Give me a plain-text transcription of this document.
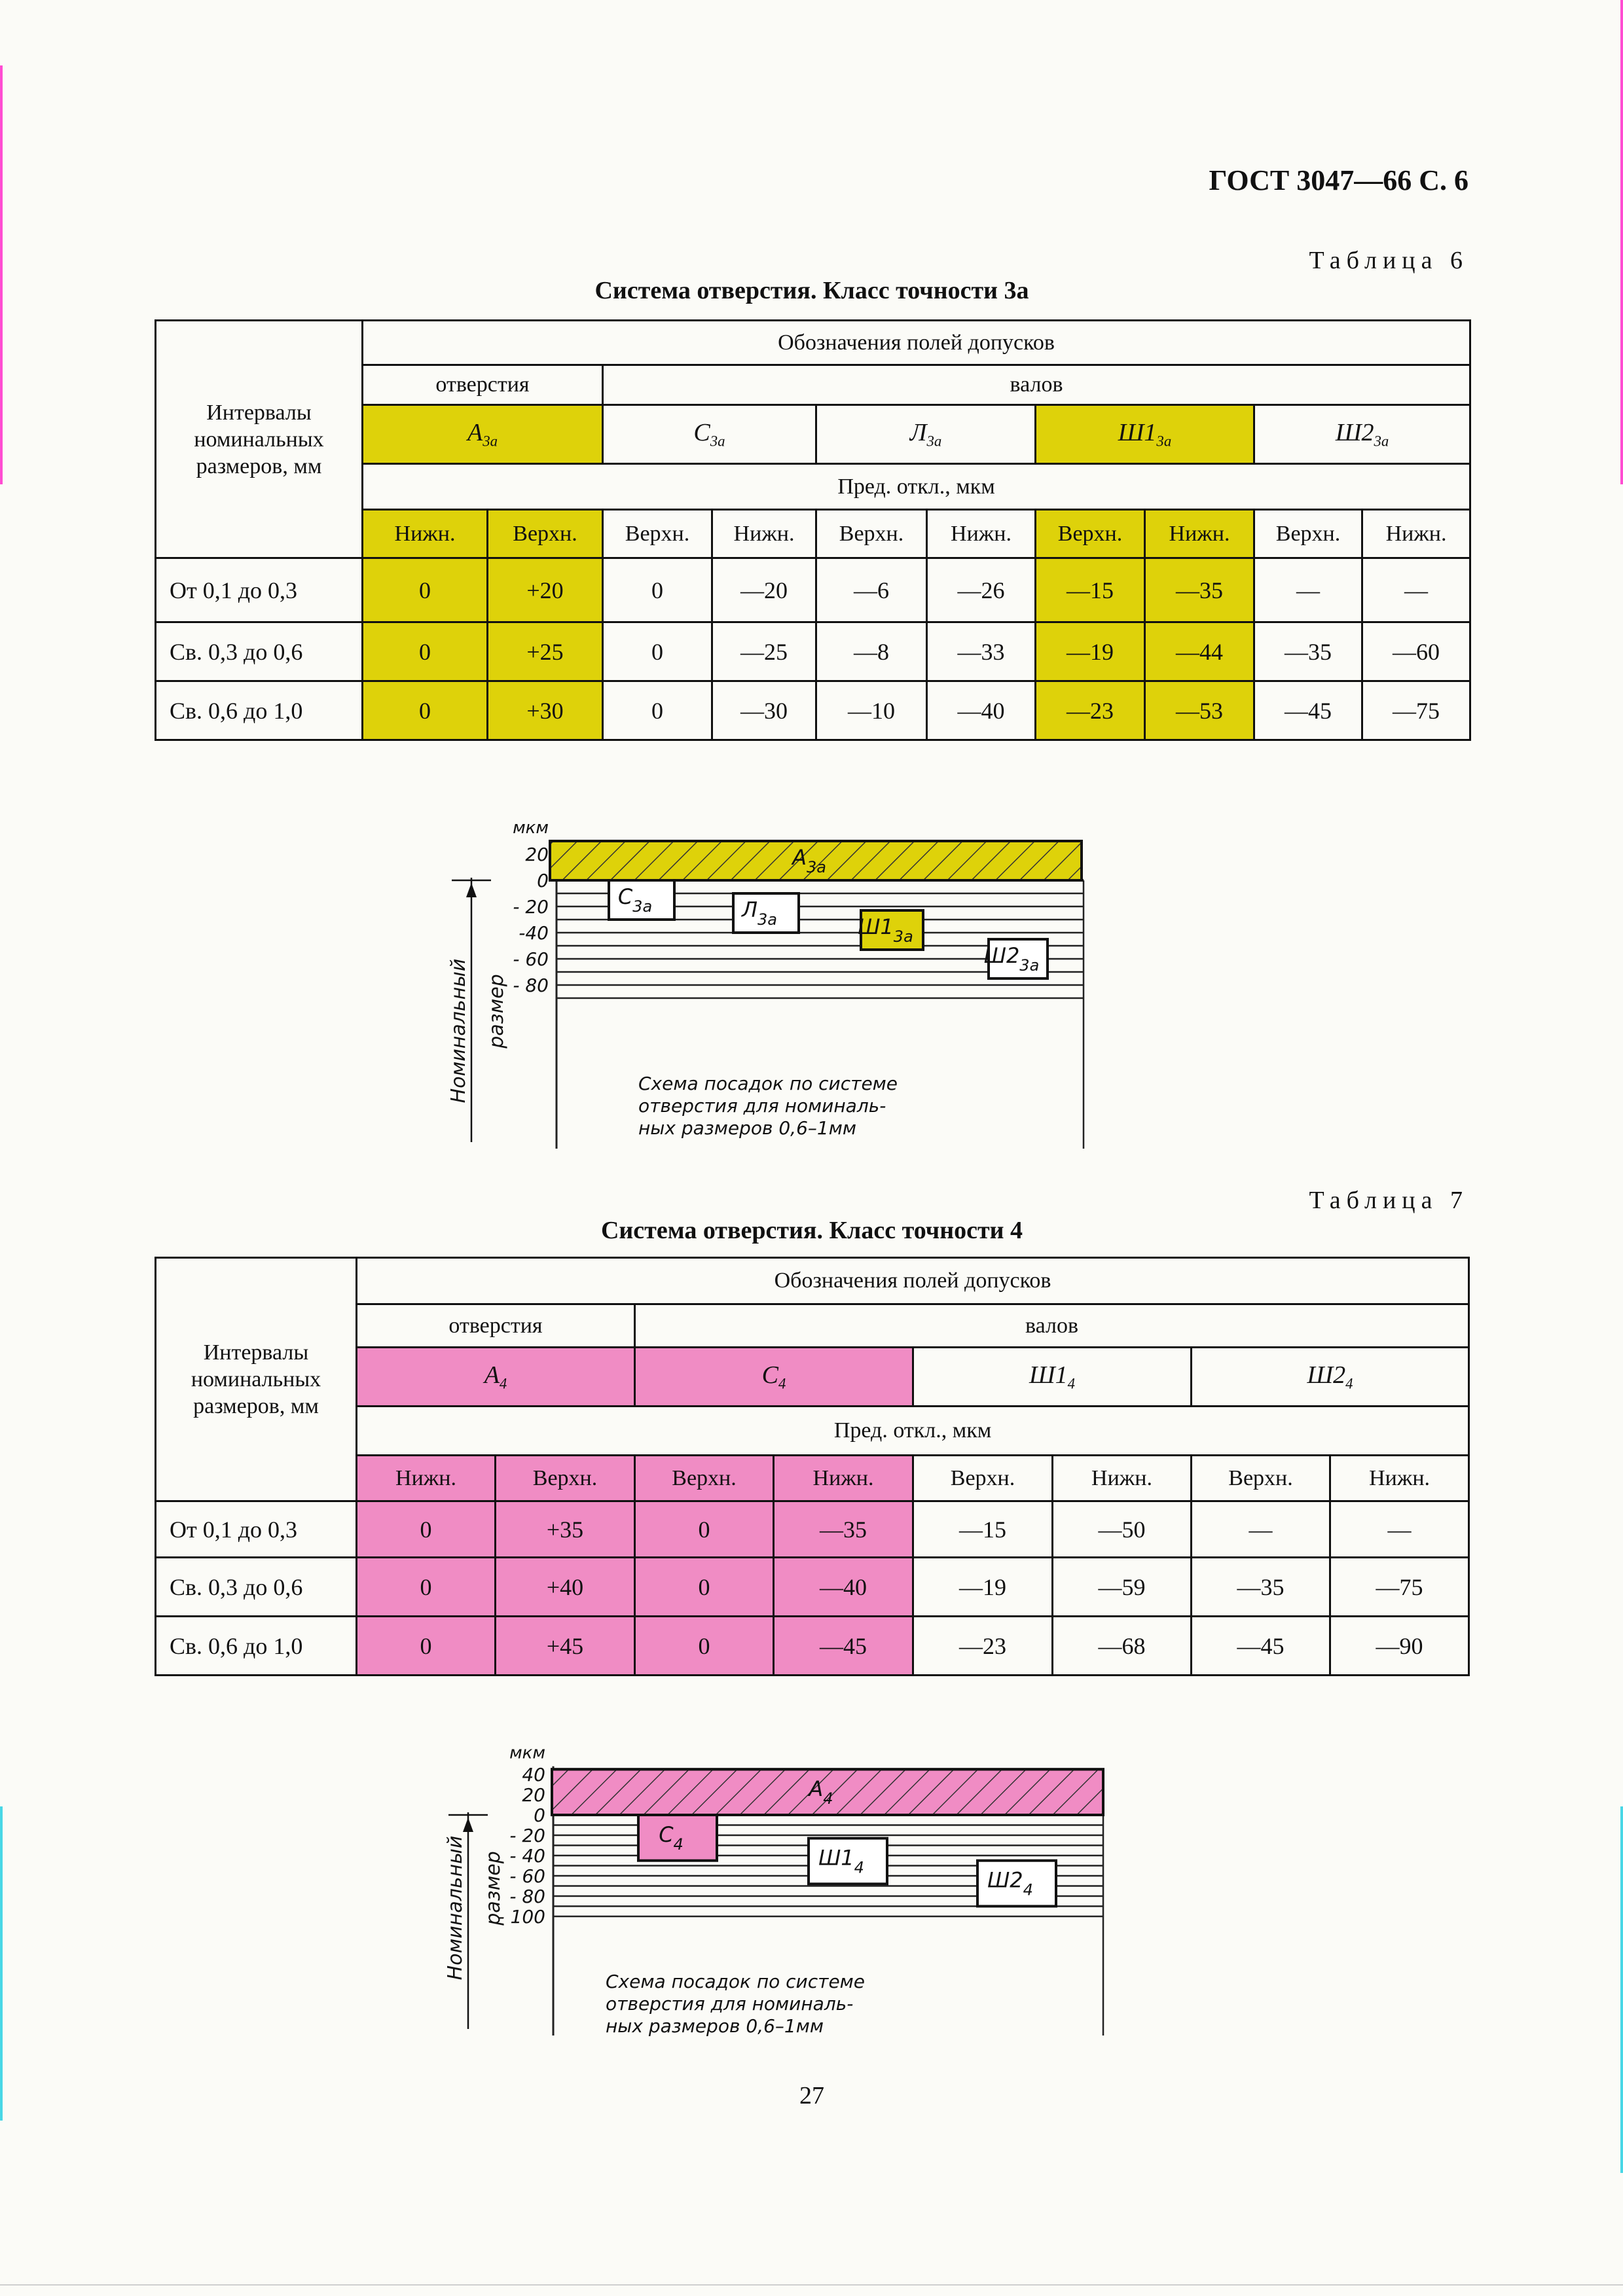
ГОСТ 3047—66 С. 6
Таблица 6
Система отверстия. Класс точности 3а
Интервалы номинальных размеров, мм	Обозначения полей допусков									
	отверстия		валов							
	$А_{3а}$		$С_{3а}$		$Л_{3а}$		$Ш1_{3а}$		$Ш2_{3а}$
	Пред. откл., мкм									
	Нижн.	Верхн.	Верхн.	Нижн.	Верхн.	Нижн.	Верхн.	Нижн.	Верхн.	Нижн.
От 0,1 до 0,3	0	+20	0	—20	—6	—26	—15	—35	—	—
Св. 0,3 до 0,6	0	+25	0	—25	—8	—33	—19	—44	—35	—60
Св. 0,6 до 1,0	0	+30	0	—30	—10	—40	—23	—53	—45	—75
20
0
- 20
-40
- 60
- 80
мкм
Номинальный размер
$A_{3а}$
$C_{3а}$	$Л_{3а}$	$Ш1_{3а}$
$Ш2_{3а}$
Схема посадок по системе
отверстия для номиналь-
ных размеров 0,6–1мм
Таблица 7
Система отверстия. Класс точности 4
Интервалы номинальных размеров, мм	Обозначения полей допусков							
	отверстия		валов					
	$А_4$		$С_4$		$Ш1_4$		$Ш2_4$
	Пред. откл., мкм							
	Нижн.	Верхн.	Верхн.	Нижн.	Верхн.	Нижн.	Верхн.	Нижн.
От 0,1 до 0,3	0	+35	0	—35	—15	—50	—	—
Св. 0,3 до 0,6	0	+40	0	—40	—19	—59	—35	—75
Св. 0,6 до 1,0	0	+45	0	—45	—23	—68	—45	—90
40
20
0
- 20
- 40
- 60
- 80
- 100
мкм
Номинальный размер
$A_4$
$C_4$
$Ш1_4$
$Ш2_4$
Схема посадок по системе
отверстия для номиналь-
ных размеров 0,6–1мм
27
